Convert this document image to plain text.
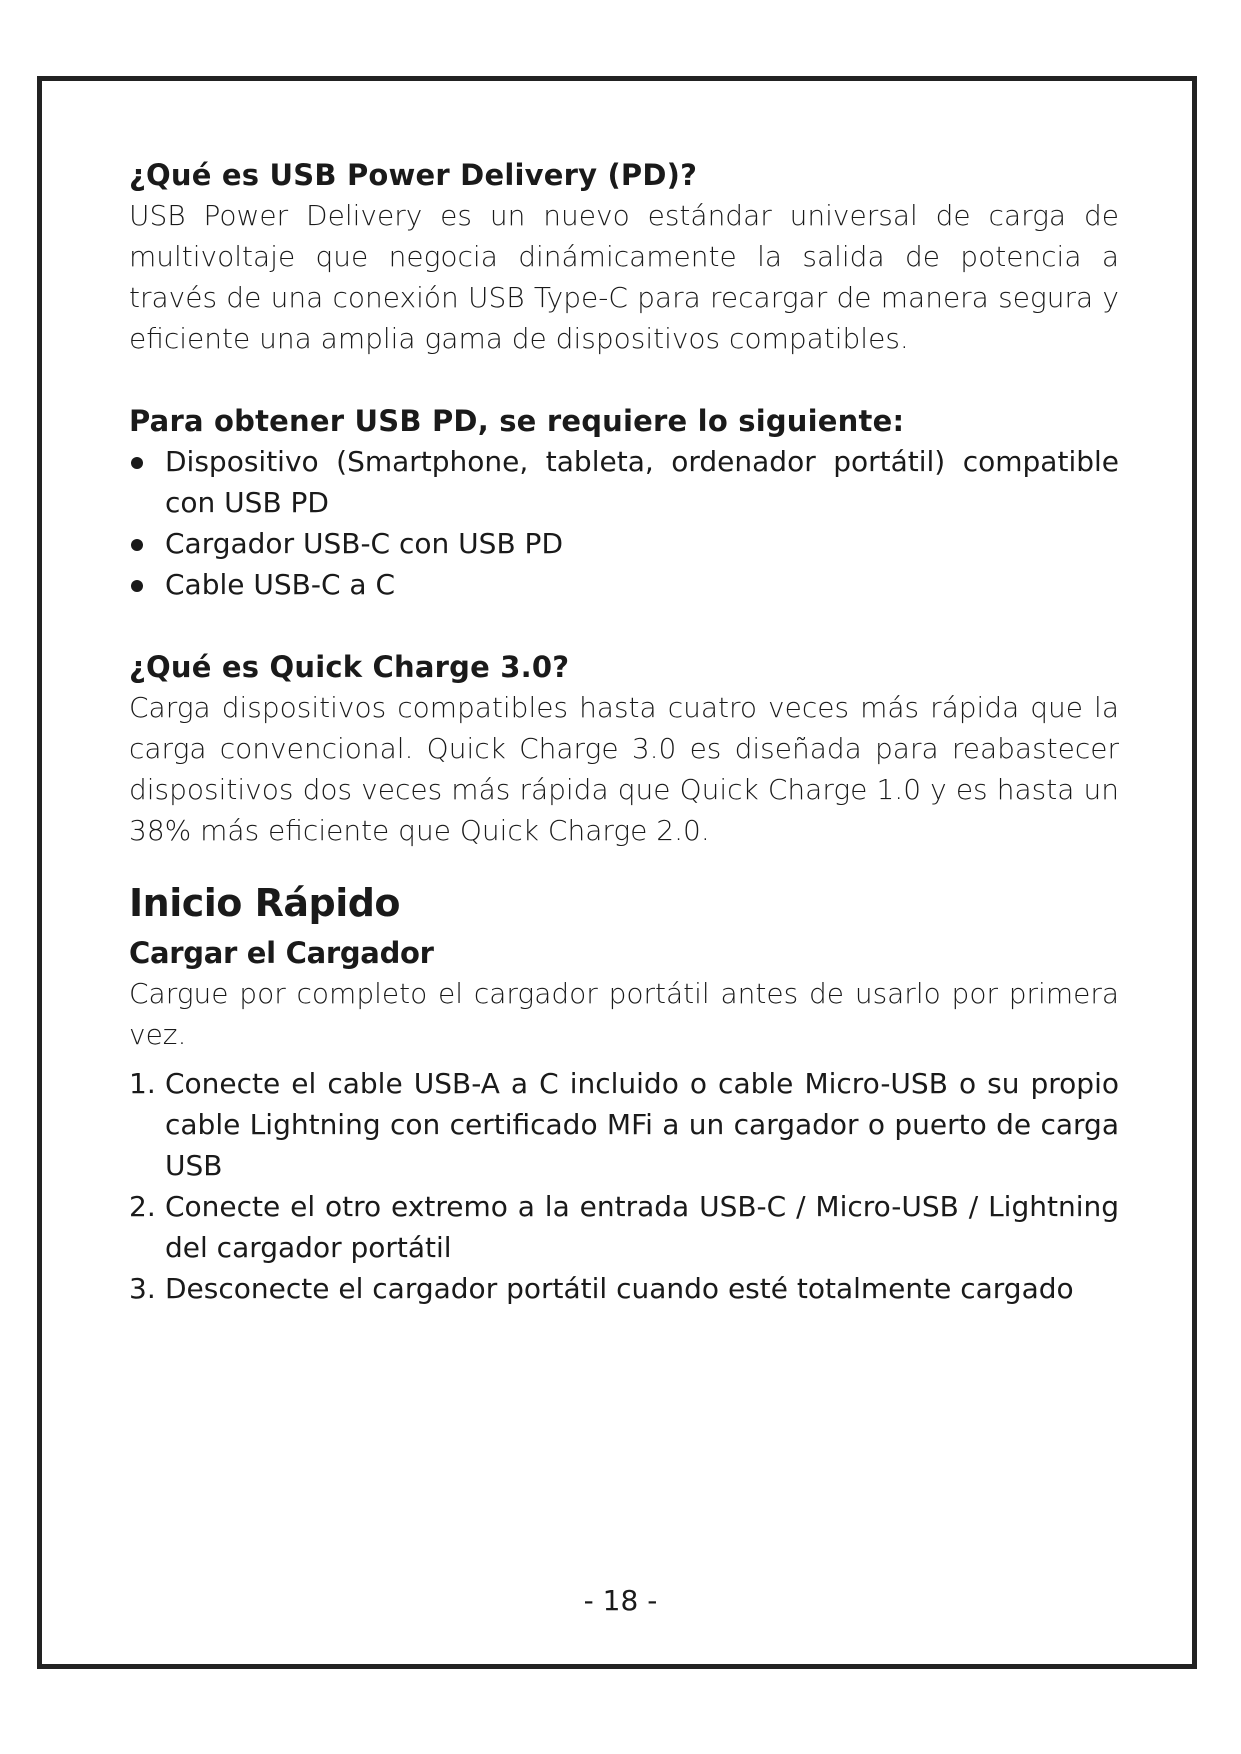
¿Qué es USB Power Delivery (PD)?

USB Power Delivery es un nuevo estándar universal de carga de multivoltaje que negocia dinámicamente la salida de potencia a través de una conexión USB Type-C para recargar de manera segura y eficiente una amplia gama de dispositivos compatibles.

Para obtener USB PD, se requiere lo siguiente:
Dispositivo (Smartphone, tableta, ordenador portátil) compatible con USB PD
Cargador USB-C con USB PD
Cable USB-C a C
¿Qué es Quick Charge 3.0?

Carga dispositivos compatibles hasta cuatro veces más rápida que la carga convencional. Quick Charge 3.0 es diseñada para reabastecer dispositivos dos veces más rápida que Quick Charge 1.0 y es hasta un 38% más eficiente que Quick Charge 2.0.

Inicio Rápido
Cargar el Cargador

Cargue por completo el cargador portátil antes de usarlo por primera vez.

1. Conecte el cable USB-A a C incluido o cable Micro-USB o su propio cable Lightning con certificado MFi a un cargador o puerto de carga USB
2. Conecte el otro extremo a la entrada USB-C / Micro-USB / Lightning del cargador portátil
3. Desconecte el cargador portátil cuando esté totalmente cargado
- 18 -
